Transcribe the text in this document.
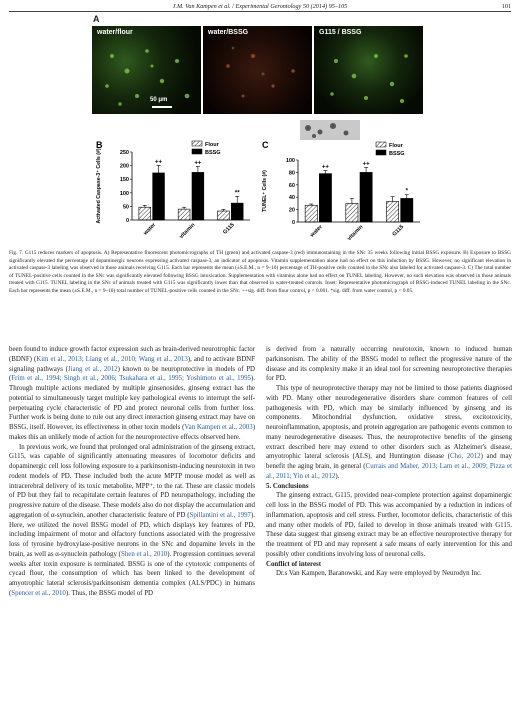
J.M. Van Kampen et al. / Experimental Gerontology 50 (2014) 95–105	101
A
water/flour
50 μm
water/BSSG	G115 / BSSG
B
0
50
100
150
200
250
Activated Caspase-3⁺ Cells (#)	++
water
++
vitamin
**
G115
Flour
BSSG
C
0
20
40
60
80
100
TUNEL⁺ Cells (#)
++
water
++
vitamin
*
G115
Flour
BSSG
Fig. 7. G115 reduces markers of apoptosis. A) Representative fluorescent photomicrographs of TH (green) and activated caspase-3 (red) immunostaining in the SNc 35 weeks following initial BSSG exposure. B) Exposure to BSSG significantly elevated the percentage of dopaminergic neurons expressing activated caspase-3, an indicator of apoptosis. Vitamin supplementation alone had no effect on this induction by BSSG. However, no significant elevation in activated caspase-3 labeling was observed in those animals receiving G115. Each bar represents the mean (±S.E.M., n = 9–10) percentage of TH-positive cells counted in the SNc also labeled for activated caspase-3. C) The total number of TUNEL-positive cells counted in the SNc was significantly elevated following BSSG intoxication. Supplementation with vitamins alone had no effect on TUNEL labeling. However, no such elevation was observed in those animals treated with G115. TUNEL labeling in the SNc of animals treated with G115 was significantly lower than that observed in water-treated controls. Inset: Representative photomicrograph of BSSG-induced TUNEL labeling in the SNc. Each bar represents the mean (±S.E.M., n = 9–10) total number of TUNEL-positive cells counted in the SNc. ++sig. diff. from flour control, p < 0.001. *sig. diff. from water control, p < 0.05.

been found to induce growth factor expression such as brain-derived neurotrophic factor (BDNF) (Kim et al., 2013; Liang et al., 2010; Wang et al., 2013), and to activate BDNF signaling pathways (Jiang et al., 2012) known to be neuroprotective in models of PD (Frim et al., 1994; Singh et al., 2006; Tsukahara et al., 1995; Yoshimoto et al., 1995). Through multiple actions mediated by multiple ginsenosides, ginseng extract has the potential to simultaneously target multiple key pathological events to interrupt the self-perpetuating cycle characteristic of PD and protect neuronal cells from further loss. Further work is being done to rule out any direct interaction ginseng extract may have on BSSG, itself. However, its effectiveness in other toxin models (Van Kampen et al., 2003) makes this an unlikely mode of action for the neuroprotective effects observed here.

In previous work, we found that prolonged oral administration of the ginseng extract, G115, was capable of significantly attenuating measures of locomotor deficits and dopaminergic cell loss following exposure to a parkinsonism-inducing neurotoxin in two rodent models of PD. These included both the acute MPTP mouse model as well as intracerebral delivery of its toxic metabolite, MPP⁺, to the rat. These are classic models of PD but they fail to recapitulate certain features of PD neuropathology, including the progressive nature of the disease. These models also do not display the accumulation and aggregation of α-synuclein, another characteristic feature of PD (Spillantini et al., 1997). Here, we utilized the novel BSSG model of PD, which displays key features of PD, including impairment of motor and olfactory functions associated with the progressive loss of tyrosine hydroxylase-positive neurons in the SNc and dopamine levels in the brain, as well as α-synuclein pathology (Shen et al., 2010). Progression continues several weeks after toxin exposure is terminated. BSSG is one of the cytotoxic components of cycad flour, the consumption of which has been linked to the development of amyotrophic lateral sclerosis/parkinsonism dementia complex (ALS/PDC) in humans (Spencer et al., 2010). Thus, the BSSG model of PD

is derived from a naturally occurring neurotoxin, known to induced human parkinsonism. The ability of the BSSG model to reflect the progressive nature of the disease and its complexity make it an ideal tool for screening neuroprotective therapies for PD.

This type of neuroprotective therapy may not be limited to those patients diagnosed with PD. Many other neurodegenerative disorders share common features of cell pathogenesis with PD, which may be similarly influenced by ginseng and its components. Mitochondrial dysfunction, oxidative stress, excitotoxicity, neuroinflammation, apoptosis, and protein aggregation are pathogenic events common to many neurodegenerative diseases. Thus, the neuroprotective benefits of the ginseng extract described here may extend to other disorders such as Alzheimer's disease, amyotrophic lateral sclerosis (ALS), and Huntington disease (Cho, 2012) and may benefit the aging brain, in general (Currais and Maher, 2013; Lam et al., 2009; Pizza et al., 2011; Yin et al., 2012).

5. Conclusions

The ginseng extract, G115, provided near-complete protection against dopaminergic cell loss in the BSSG model of PD. This was accompanied by a reduction in indices of inflammation, apoptosis and cell stress. Further, locomotor deficits, characteristic of this and many other models of PD, failed to develop in those animals treated with G115. These data suggest that ginseng extract may be an effective neuroprotective therapy for the treatment of PD and may represent a safe means of early intervention for this and possibly other conditions involving loss of neuronal cells.

Conflict of interest

Dr.s Van Kampen, Baranowski, and Kay were employed by Neurodyn Inc.
